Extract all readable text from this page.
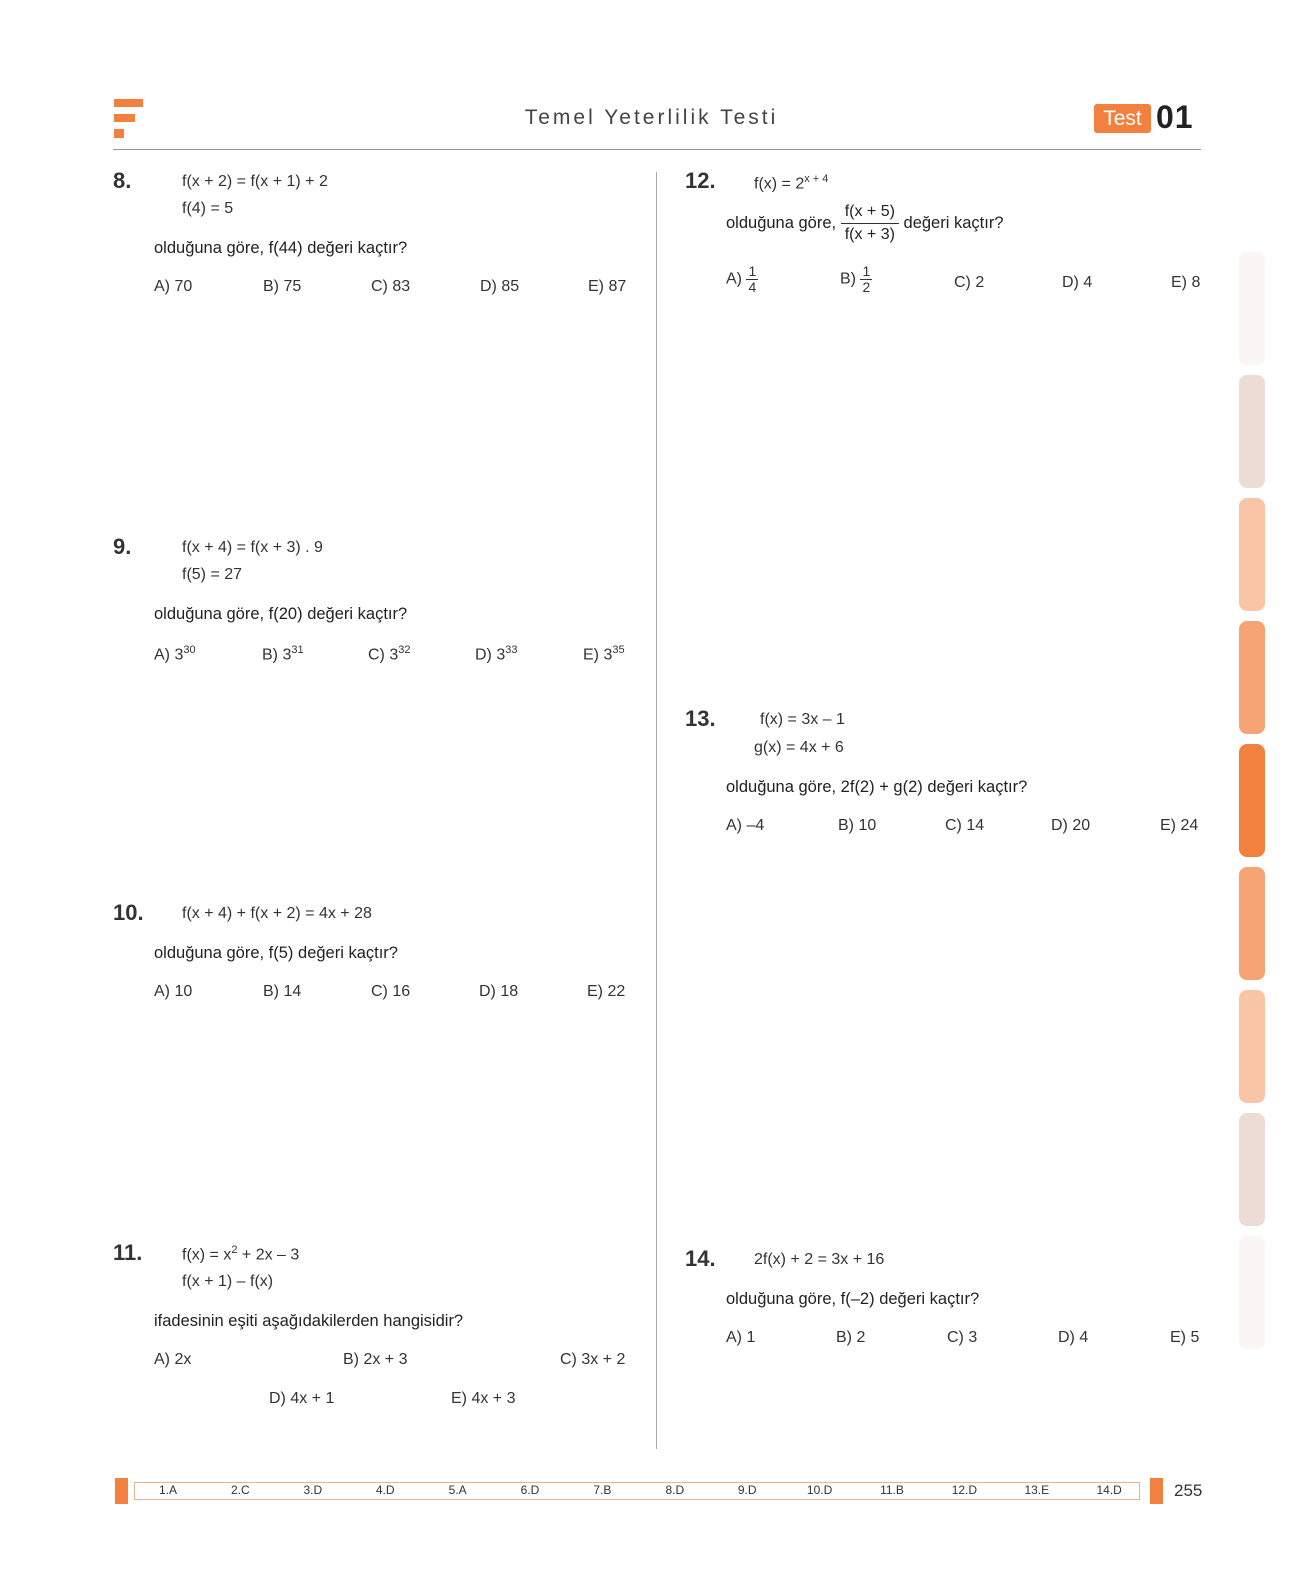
Temel Yeterlilik Testi	Test 01
8.	f(x + 2) = f(x + 1) + 2
f(4) = 5
olduğuna göre, f(44) değeri kaçtır?
A) 70	B) 75	C) 83	D) 85	E) 87
9.	f(x + 4) = f(x + 3) . 9
f(5) = 27
olduğuna göre, f(20) değeri kaçtır?
A) $3^{30}$	B) $3^{31}$	C) $3^{32}$	D) $3^{33}$	E) $3^{35}$
10. f(x + 4) + f(x + 2) = 4x + 28
olduğuna göre, f(5) değeri kaçtır?
A) 10	B) 14	C) 16	D) 18	E) 22
11. $f(x) = x^2 + 2x - 3$
f(x + 1) – f(x)
ifadesinin eşiti aşağıdakilerden hangisidir?
A) 2x	B) 2x + 3	C) 3x + 2
D) 4x + 1	E) 4x + 3
12. $f(x) = 2^{x + 4}$
olduğuna göre, $\frac{f(x + 5)}{f(x + 3)}$ değeri kaçtır?
$A) \frac{1}{4}$	$B) \frac{1}{2}$	C) 2	D) 4	E) 8
13.	f(x) = 3x – 1
g(x) = 4x + 6
olduğuna göre, 2f(2) + g(2) değeri kaçtır?
A) –4	B) 10	C) 14	D) 20	E) 24
14. 2f(x) + 2 = 3x + 16
olduğuna göre, f(–2) değeri kaçtır?
A) 1	B) 2	C) 3	D) 4	E) 5
1.A	2.C	3.D	4.D	5.A	6.D	7.B	8.D	9.D	10.D	11.B	12.D	13.E	14.D	255
